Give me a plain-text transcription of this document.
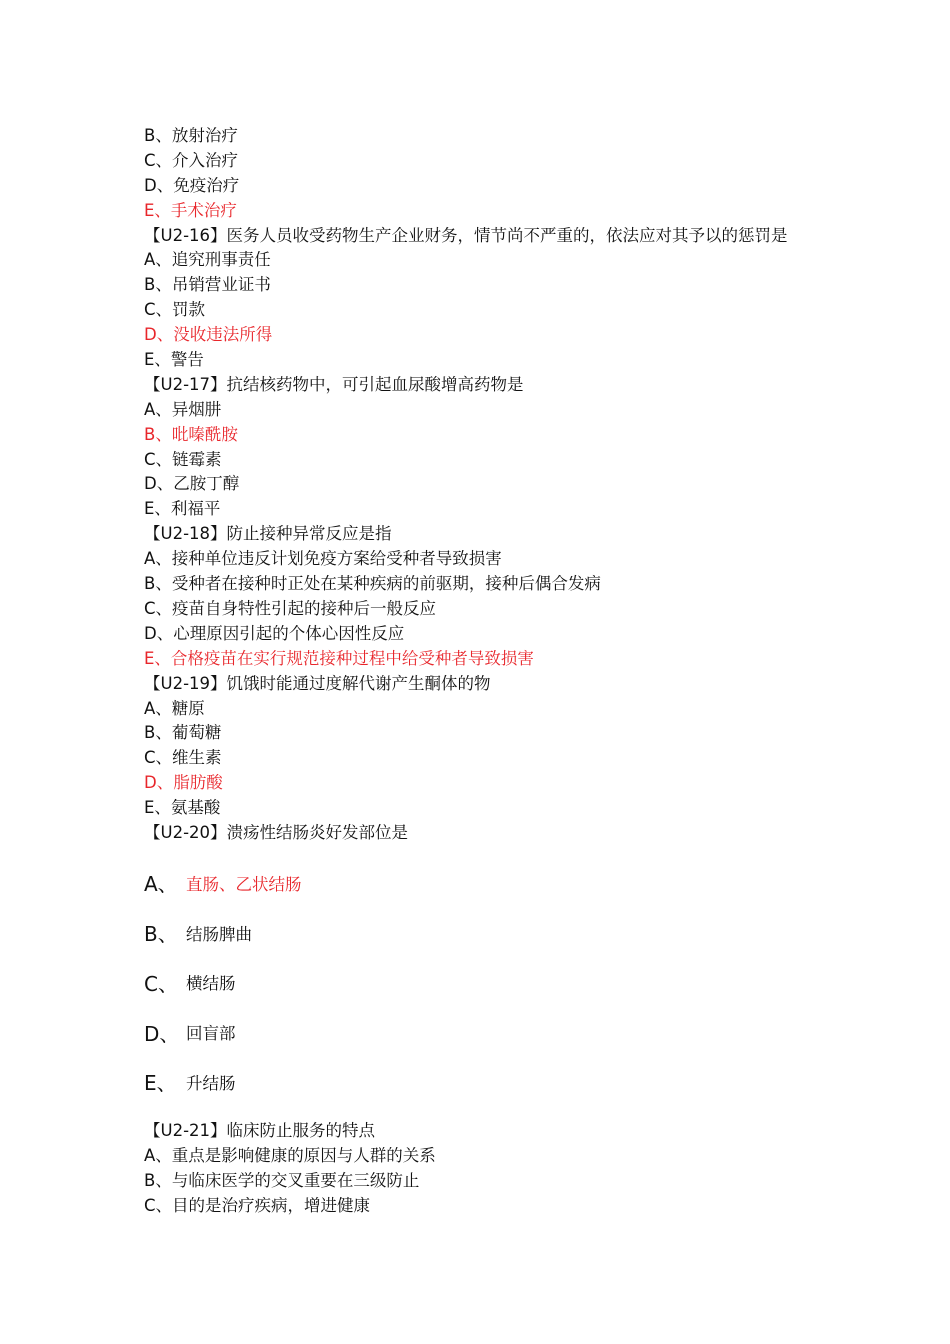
B、放射治疗
C、介入治疗
D、免疫治疗
E、手术治疗
【U2-16】医务人员收受药物生产企业财务，情节尚不严重的，依法应对其予以的惩罚是
A、追究刑事责任
B、吊销营业证书
C、罚款
D、没收违法所得
E、警告
【U2-17】抗结核药物中，可引起血尿酸增高药物是
A、异烟肼
B、吡嗪酰胺
C、链霉素
D、乙胺丁醇
E、利福平
【U2-18】防止接种异常反应是指
A、接种单位违反计划免疫方案给受种者导致损害
B、受种者在接种时正处在某种疾病的前驱期，接种后偶合发病
C、疫苗自身特性引起的接种后一般反应
D、心理原因引起的个体心因性反应
E、合格疫苗在实行规范接种过程中给受种者导致损害
【U2-19】饥饿时能通过度解代谢产生酮体的物
A、糖原
B、葡萄糖
C、维生素
D、脂肪酸
E、氨基酸
【U2-20】溃疡性结肠炎好发部位是
A、 直肠、乙状结肠
B、 结肠脾曲
C、 横结肠
D、 回盲部
E、 升结肠
【U2-21】临床防止服务的特点
A、重点是影响健康的原因与人群的关系
B、与临床医学的交叉重要在三级防止
C、目的是治疗疾病，增进健康
